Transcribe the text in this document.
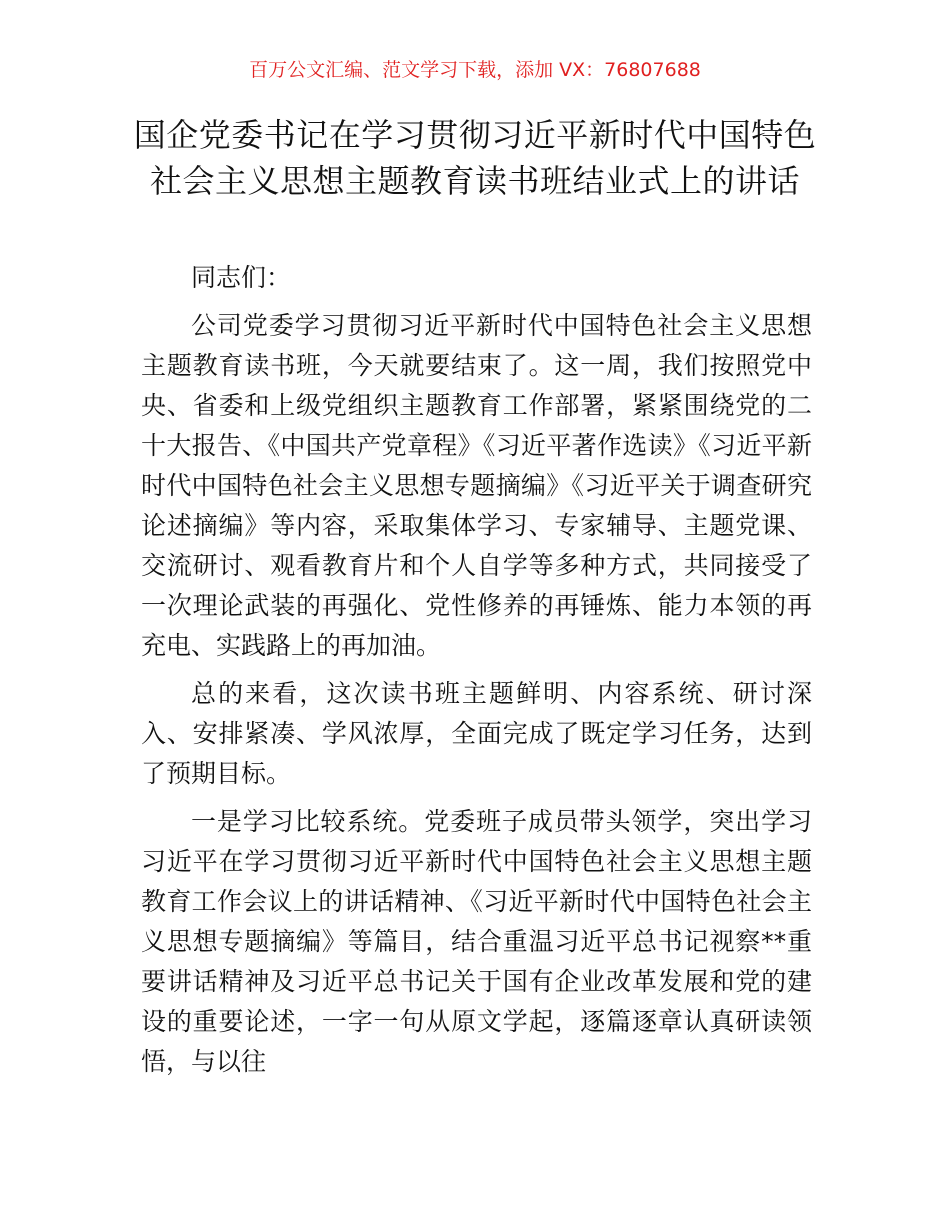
百万公文汇编、范文学习下载，添加 VX：76807688
国企党委书记在学习贯彻习近平新时代中国特色社会主义思想主题教育读书班结业式上的讲话

同志们：

公司党委学习贯彻习近平新时代中国特色社会主义思想主题教育读书班，今天就要结束了。这一周，我们按照党中央、省委和上级党组织主题教育工作部署，紧紧围绕党的二十大报告、《中国共产党章程》《习近平著作选读》《习近平新时代中国特色社会主义思想专题摘编》《习近平关于调查研究论述摘编》等内容，采取集体学习、专家辅导、主题党课、交流研讨、观看教育片和个人自学等多种方式，共同接受了一次理论武装的再强化、党性修养的再锤炼、能力本领的再充电、实践路上的再加油。

总的来看，这次读书班主题鲜明、内容系统、研讨深入、安排紧凑、学风浓厚，全面完成了既定学习任务，达到了预期目标。

一是学习比较系统。党委班子成员带头领学，突出学习习近平在学习贯彻习近平新时代中国特色社会主义思想主题教育工作会议上的讲话精神、《习近平新时代中国特色社会主义思想专题摘编》等篇目，结合重温习近平总书记视察**重要讲话精神及习近平总书记关于国有企业改革发展和党的建设的重要论述，一字一句从原文学起，逐篇逐章认真研读领悟，与以往
